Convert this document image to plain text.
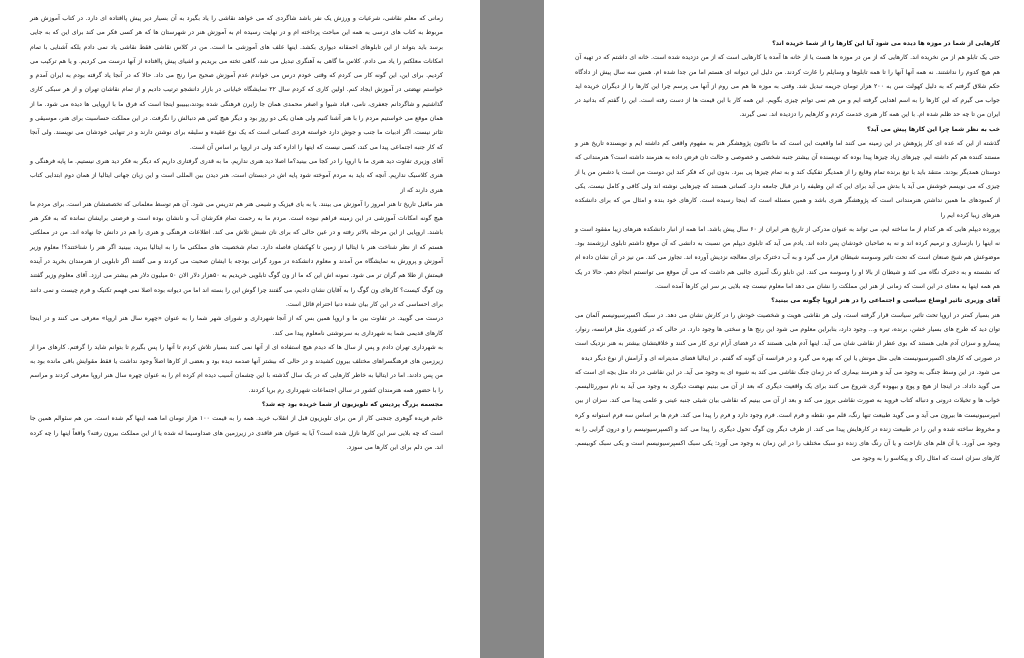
زمانی که معلم نقاشی، شرعیات و ورزش یک نفر باشد شاگردی که می خواهد نقاشی را یاد بگیرد به آن بسیار دیر پیش پاافتاده ای دارد. در کتاب آموزش هنر مربوط به کتاب های درسی به همه این مباحث پرداخته ام و در نهایت رسیده ام به آموزش هنر در شهرستان ها که هر کسی فکر می کند برای این که به جایی برسد باید بتواند از این تابلوهای احمقانه دیواری بکشد. اینها علف های آموزشی ما است. من در کلاس نقاشی فقط نقاشی یاد نمی دادم بلکه آشنایی با تمام امکانات معلکتم را یاد می دادم. کلاس ما گاهی به آهنگری تبدیل می شد، گاهی تخته می بریدیم و اشیای پیش پاافتاده از آنها درست می کردیم. و یا هم ترکیب می کردیم. برای این، این گونه کار می کردم که وقتی خودم درس می خواندم عدم آموزش صحیح مرا رنج می داد. حالا که در آنجا یاد گرفته بودم به ایران آمدم و خواستم نهضتی در آموزش ایجاد کنم. اولین کاری که کردم سال ۲۲ نمایشگاه خیابانی در بازار دانشجو ترتیب دادیم و از تمام نقاشان تهران و از هر سبکی کاری گذاشتیم و شاگردانم جعفری، نامی، قباد شیوا و اصغر محمدی همان جا زایرن فرهنگی شده بودند،بیبیبو اینجا است که فرق ما با اروپایی ها دیده می شود. ما از همان موقع می خواستیم مردم را با هنر آشنا کنیم ولی همان یکی دو روز بود و دیگر هیچ کس هم دنبالش را نگرفت. در این مملکت حساسیت برای هنر، موسیقی و تئاتر نیست. اگر ادبیات ما جنب و جوش دارد خواسته فردی کسانی است که یک نوع عقیده و سلیقه برای نوشتن دارند و در تنهایی خودشان می نویسند. ولی آنجا که کار جنبه اجتماعی پیدا می کند، کسی نیست که اینها را اداره کند ولی در اروپا بر اساس آن است.

آقای وزیری تفاوت دید هنری ما با اروپا را در کجا می بینید؟ما اصلا دید هنری نداریم. ما به قدری گرفتاری داریم که دیگر به فکر دید هنری نیستیم. ما پایه فرهنگی و هنری کلاسیک نداریم. آنچه که باید به مردم آموخته شود پایه اش در دبستان است. هنر دیدن بین المللی است و این زبان جهانی ایتالیا از همان دوم ابتدایی کتاب هنری دارند که از

هنر ماقبل تاریخ تا هنر امروز را آموزش می بینند. یا به یای فیزیک و شیمی هنر هم تدریس می شود. آن هم توسط معلمانی که تخصصشان هنر است. برای مردم ما هیچ گونه امکانات آموزشی در این زمینه فراهم نبوده است. مردم ما به رحمت تمام فکرشان آب و نانشان بوده است و فرصتی برایشان نمانده که به فکر هنر باشند. اروپایی از این مرحله بالاتر رفته و در عین حالی که برای نان شبش تلاش می کند. اطلاعات فرهنگی و هنری را هم در دانش جا نهاده اند. من در مملکتی هستم که از نظر شناخت هنر با ایتالیا از زمین تا کهکشان فاصله دارد. تمام شخصیت های مملکتی ما را به ایتالیا ببرید، ببینید اگر هنر را شناختند؟! معلوم وزیر آموزش و پرورش به نمایشگاه من آمدند و معلوم دانشکده در مورد گرانی بودجه با ایشان صحبت می کردند و می گفتند اگر تابلویی از هنرمندان بخرید در آینده قیمتش از طلا هم گران تر می شود. نمونه اش این که ما از ون گوگ تابلویی خریدیم به ۵۰هزار دلار الان ۵۰ میلیون دلار هم بیشتر می ارزد. آقای معلوم وزیر گفتند ون گوگ کیست؟ کارهای ون گوگ را به آقایان نشان دادیم، می گفتند چرا گوش این را بسته اند اما من دیوانه بوده اصلا نمی فهمم تکنیک و فرم چیست و نمی دانند برای احساسی که در این کار بیان شده دنیا احترام قائل است.

درست می گویید. در تفاوت بین ما و اروپا همین بس که از آنجا شهرداری و شورای شهر شما را به عنوان «چهره سال هنر اروپا» معرفی می کنند و در اینجا کارهای قدیمی شما به شهرداری به سرنوشتی نامعلوم پیدا می کند.

به شهرداری تهران دادم و پس از سال ها که دیدم هیچ استفاده ای از آنها نمی کنند بسیار تلاش کردم تا آنها را پس بگیرم تا بتوانم شاید را گرفتم. کارهای مرا از زیرزمین های فرهنگسراهای مختلف بیرون کشیدند و در حالی که بیشتر آنها صدمه دیده بود و بعضی از کارها اصلاً وجود نداشت یا فقط مقوایش باقی مانده بود به من پس دادند. اما در ایتالیا به خاطر کارهایی که در یک سال گذشته با این چشمان آسیب دیده ام کرده ام را به عنوان چهره سال هنر اروپا معرفی کردند و مراسم را با حضور همه هنرمندان کشور در سالن اجتماعات شهرداری رم برپا کردند.

مجسمه بزرگ پردیس که تلویزیون از شما خریده بود چه شد؟

خانم فریده گوهری جنجنی کار از من برای تلویزیون قبل از انقلاب خرید. همه را به قیمت ۱۰۰ هزار تومان اما همه اینها گم شده است. من هم سئوالم همین جا است که چه بلایی سر این کارها نازل شده است؟ آیا به عنوان هنر فاقدی در زیرزمین های صداوسیما له شده یا از این مملکت بیرون رفته؟ واقعاً اینها را چه کرده اند. من دلم برای این کارها می سوزد.

کارهایی از شما در موزه ها دیده می شود آیا این کارها را از شما خریده اند؟

حتی یک تابلو هم از من نخریده اند. کارهایی که از من در موزه ها هست یا از خانه ها آمده یا کارهایی است که از من دزدیده شده است. خانه ای داشتم که در تهیه آن هم هیچ کدوم را نداشتند. نه همه آنها آنها را تا همه تابلوها و وسایلم را غارت کردند. من دلیل این دیوانه ای هستم اما من جدا شده ام. همین سه سال پیش از دادگاه حکم شلاق گرفتم که به دلیل کهولت سن به ۲۰۰ هزار تومان جریمه تبدیل شد. وقتی به موزه ها هم می روم از آنها می پرسم چرا این کارها را از دیگران خریده اید جواب می گیرم که این کارها را به اسم اهدایی گرفته ایم و من هم نمی توانم چیزی بگویم. این همه کار با این قیمت ها از دست رفته است. این را گفتم که بدانید در ایران من تا چه حد ظلم شده ام. با این همه کار هنری خدمت کردم و کارهایم را دزدیده اند. نمی گیرند.

خب به نظر شما چرا این کارها پیش می آید؟

گذشته از این که عده ای کار پژوهش در این زمینه می کنند اما واقعیت این است که ما تاکنون پژوهشگر هنر به مفهوم واقعی کم داشته ایم و نویسنده تاریخ هنر و مستند کننده هم کم داشته ایم. چیزهای زیاد چیزها پیدا بوده که نویسنده آن بیشتر جنبه شخصی و خصوصی و حالت تان فرض داده به هنرمند داشته است؟ هنرمندانی که دوستان همدیگر بودند. متنقد باید با تیغ برنده تمام وقایع را از همدیگر تفکیک کند و به تمام چیزها پی ببرد. بدون این که فکر کند این دوست من است یا دشمن من یا از چیزی که می نویسم خوشش می آید یا بدش می آید برای این که این وظیفه را در قبال جامعه دارد. کسانی هستند که چیزهایی نوشته اند ولی کافی و کامل نیست. یکی از کمبودهای ما همین نداشتن هنرمندانی است که پژوهشگر هنری باشد و همین مسئله است که اینجا رسیده است. کارهای خود بنده و امثال من که برای دانشکده هنرهای زیبا کرده ایم را

پرورده دیپلم هایی که هر کدام از ما ساخته ایم، می تواند به عنوان مدرکی از تاریخ هنر ایران از ۶۰ سال پیش باشد. اما همه از انبار دانشکده هنرهای زیبا مفقود است و نه اینها را بازسازی و ترمیم کرده اند و نه به صاحبان خودشان پس داده اند. یادم می آید که تابلوی دیپلم من نسبت به دانشی که آن موقع داشتم تابلوی ارزشمند بود. موضوعش هم شیخ صنعان است که تحت تاثیر وسوسه شیطان قرار می گیرد و به آب دخترک برای معالجه نزدیش آورده اند. تجاوز می کند. من نیز در آن نشان داده ام که نشسته و به دخترک نگاه می کند و شیطان از بالا او را وسوسه می کند. این تابلو رنگ آمیزی جالبی هم داشت که می آن موقع می توانستم انجام دهم. حالا در یک هم همه اینها به معنای در این است که زمانی از هنر این مملکت را نشان می دهد اما معلوم نیست چه بلایی بر سر این کارها آمده است.

آقای وزیری تاثیر اوضاع سیاسی و اجتماعی را در هنر اروپا چگونه می بینید؟

هنر بسیار کمتر در اروپا تحت تاثیر سیاست قرار گرفته است، ولی هر نقاشی هویت و شخصیت خودش را در کارش نشان می دهد. در سبک اکسپرسیونیسم آلمان می توان دید که طرح های بسیار خشن، برنده، تیره و... وجود دارد، بنابراین معلوم می شود این رنج ها و سختی ها وجود دارد. در حالی که در کشوری مثل فرانسه، رنوار، پیسارو و سزان آدم هایی هستند که بوی عطر از نقاشی شان می آید. اینها آدم هایی هستند که در فضای آرام تری کار می کنند و خلاقیتشان بیشتر به هنر نزدیک است در صورتی که کارهای اکسپرسیونیست هایی مثل مونش یا این که بهره می گیرد و در فرانسه آن گونه که گفتم. در ایتالیا فضای مدیترانه ای و آرامش از نوع دیگر دیده

می شود. در این وسط جنگی به وجود می آید و هنرمند بیماری که در زمان جنگ نقاشی می کند به شیوه ای به وجود می آید. در این نقاشی در داد مثل بچه ای است که می گوید داداد. در اینجا از هیچ و پوچ و بیهوده گری شروع می کنند برای یک واقعیت دیگری که بعد از آن می بینیم نهضت دیگری به وجود می آید به نام سوررئالیسم. خواب ها و تخیلات درونی و دنباله کتاب فروید به صورت نقاشی بروز می کند و بعد از آن می بینیم که نقاشی بیان شیئی جنبه عینی و علمی پیدا می کند. سزان از بین امپرسیونیست ها بیرون می آید و می گوید طبیعت تنها رنگ، قلم مو، نقطه و فرم است. فرم وجود دارد و فرم را پیدا می کند. فرم ها بر اساس سه فرم استوانه و کره و مخروط ساخته شده و این را در طبیعت زنده در کارهایش پیدا می کند. از طرف دیگر ون گوگ تحول دیگری را پیدا می کند و اکسپرسیونیسم را و درون گرایی را به وجود می آورد. یا آن قلم های نازاحت و یا آن رنگ های زنده دو سبک مختلف را در این زمان به وجود می آورد: یکی سبک اکسپرسیونیسم است و یکی سبک کوبیسم. کارهای سزان است که امثال راک و پیکاسو را به وجود می
